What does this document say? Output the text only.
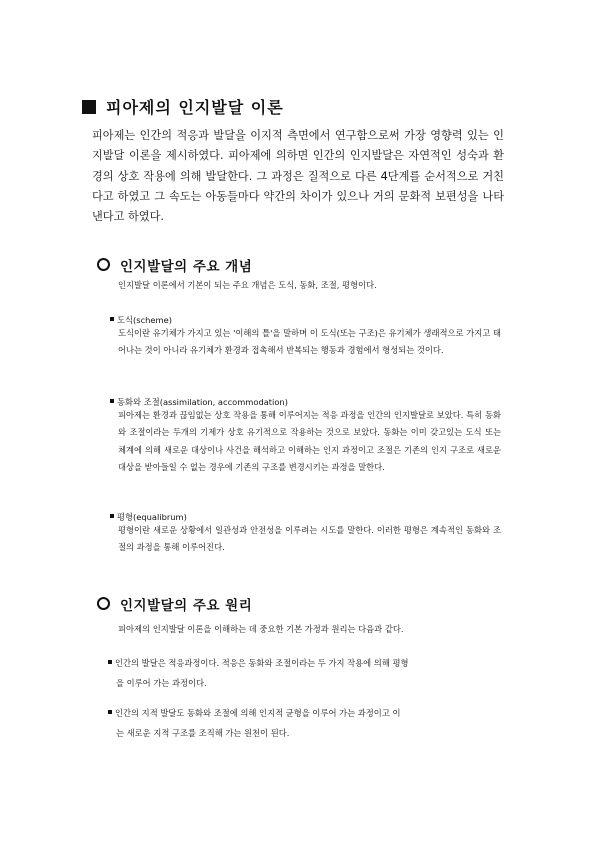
피아제의 인지발달 이론
피아제는 인간의 적응과 발달을 이지적 측면에서 연구함으로써 가장 영향력 있는 인지발달 이론을 제시하였다. 피아제에 의하면 인간의 인지발달은 자연적인 성숙과 환경의 상호 작용에 의해 발달한다. 그 과정은 질적으로 다른 4단계를 순서적으로 거친다고 하였고 그 속도는 아동들마다 약간의 차이가 있으나 거의 문화적 보편성을 나타낸다고 하였다.
인지발달의 주요 개념
인지발달 이론에서 기본이 되는 주요 개념은 도식, 동화, 조절, 평형이다.
도식(scheme)
도식이란 유기체가 가지고 있는 '이해의 틀'을 말하며 이 도식(또는 구조)은 유기체가 생래적으로 가지고 태어나는 것이 아니라 유기체가 환경과 접촉해서 반복되는 행동과 경험에서 형성되는 것이다.
동화와 조절(assimilation, accommodation)
피아제는 환경과 끊임없는 상호 작용을 통해 이루어지는 적응 과정을 인간의 인지발달로 보았다. 특히 동화와 조절이라는 두개의 기제가 상호 유기적으로 작용하는 것으로 보았다. 동화는 이미 갖고있는 도식 또는 체계에 의해 새로운 대상이나 사건을 해석하고 이해하는 인지 과정이고 조절은 기존의 인지 구조로 새로운 대상을 받아들일 수 없는 경우에 기존의 구조를 변경시키는 과정을 말한다.
평형(equalibrum)
평형이란 새로운 상황에서 일관성과 안전성을 이루려는 시도를 말한다. 이러한 평형은 계속적인 동화와 조절의 과정을 통해 이루어진다.
인지발달의 주요 원리
피아제의 인지발달 이론을 이해하는 데 중요한 기본 가정과 원리는 다음과 같다.
인간의 발달은 적응과정이다. 적응은 동화와 조절이라는 두 가지 작용에 의해 평형
을 이루어 가는 과정이다.
인간의 지적 발달도 동화와 조절에 의해 인지적 균형을 이루어 가는 과정이고 이
는 새로운 지적 구조를 조직해 가는 원천이 된다.
